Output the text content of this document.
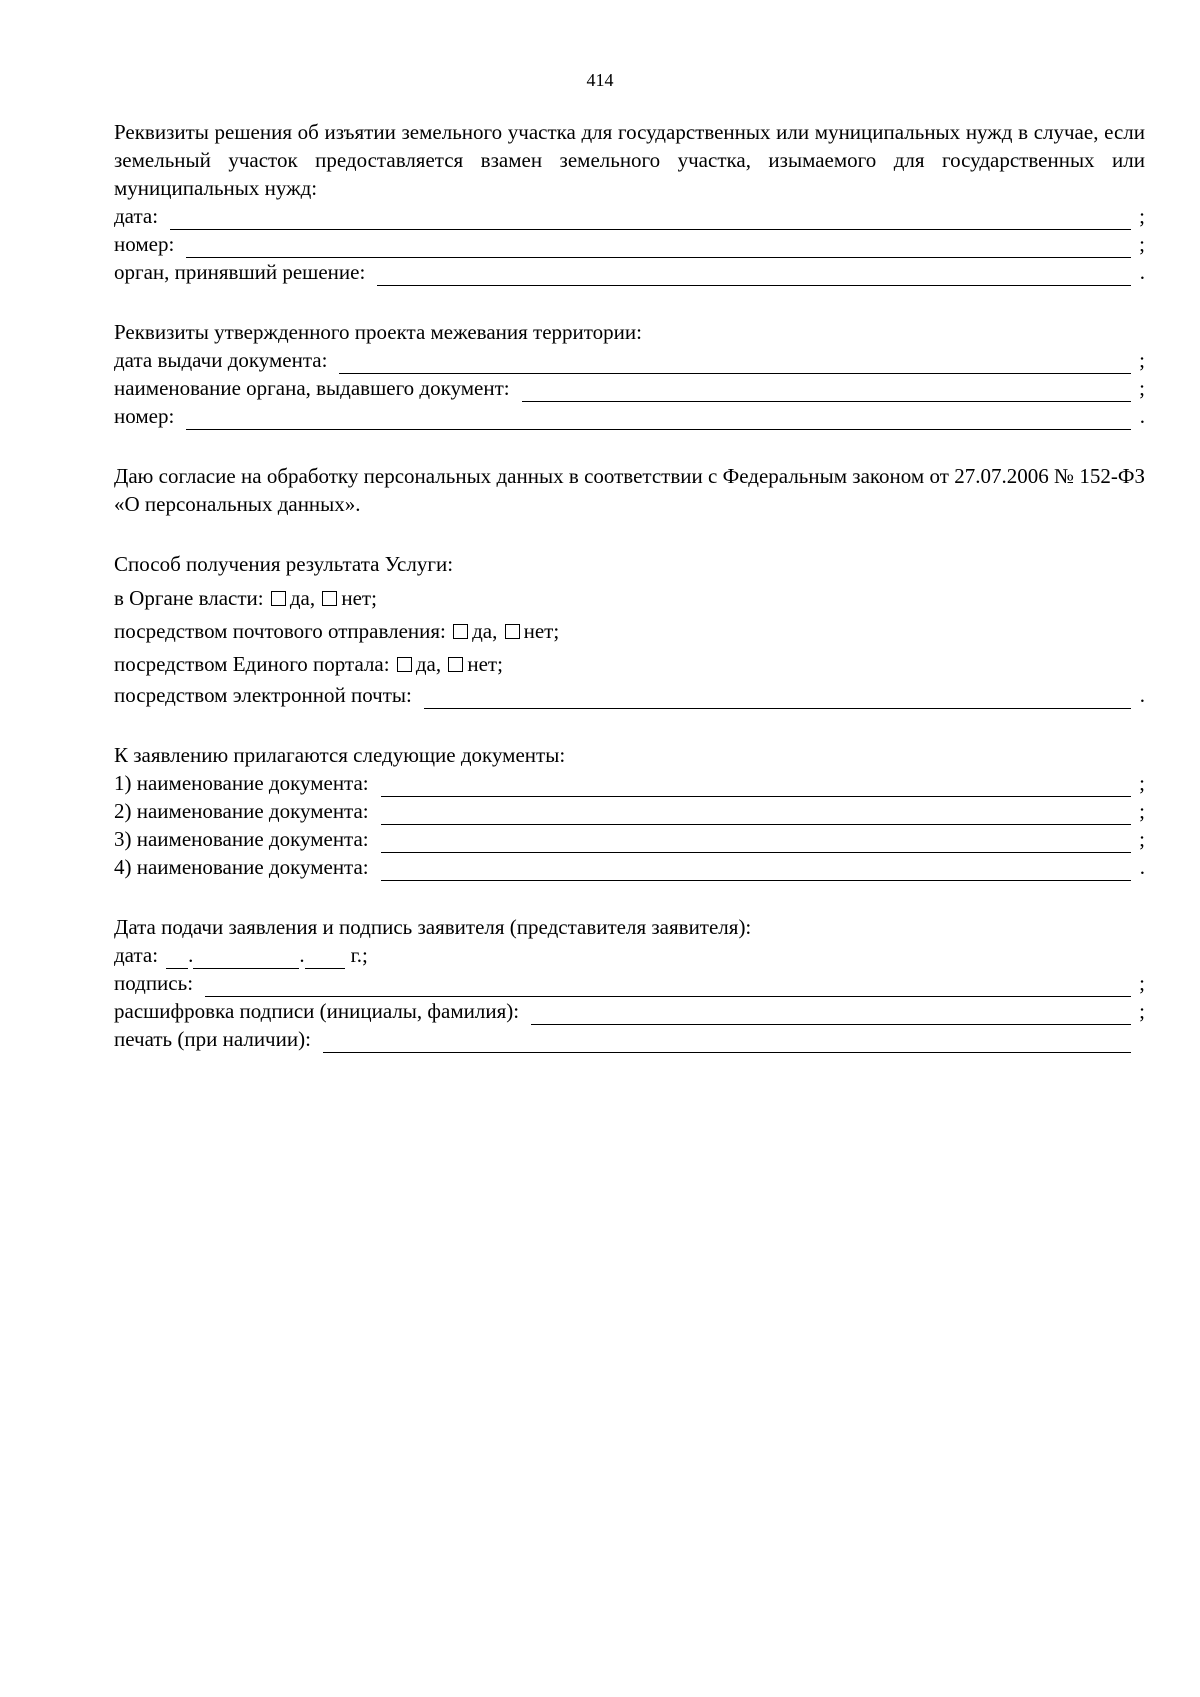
414

Реквизиты решения об изъятии земельного участка для государственных или муниципальных нужд в случае, если земельный участок предоставляется взамен земельного участка, изымаемого для государственных или муниципальных нужд:

дата:	;
номер:	;
орган, принявший решение:	.
Реквизиты утвержденного проекта межевания территории:
дата выдачи документа:	;
наименование органа, выдавшего документ:	;
номер:	.

Даю согласие на обработку персональных данных в соответствии с Федеральным законом от 27.07.2006 № 152-ФЗ «О персональных данных».

Способ получения результата Услуги:
в Органе власти: да, нет;
посредством почтового отправления: да, нет;
посредством Единого портала: да, нет;
посредством электронной почты:	.
К заявлению прилагаются следующие документы:
1) наименование документа:	;
2) наименование документа:	;
3) наименование документа:	;
4) наименование документа:	.
Дата подачи заявления и подпись заявителя (представителя заявителя):
дата: .	. г.;
подпись:	;
расшифровка подписи (инициалы, фамилия):	;
печать (при наличии):
